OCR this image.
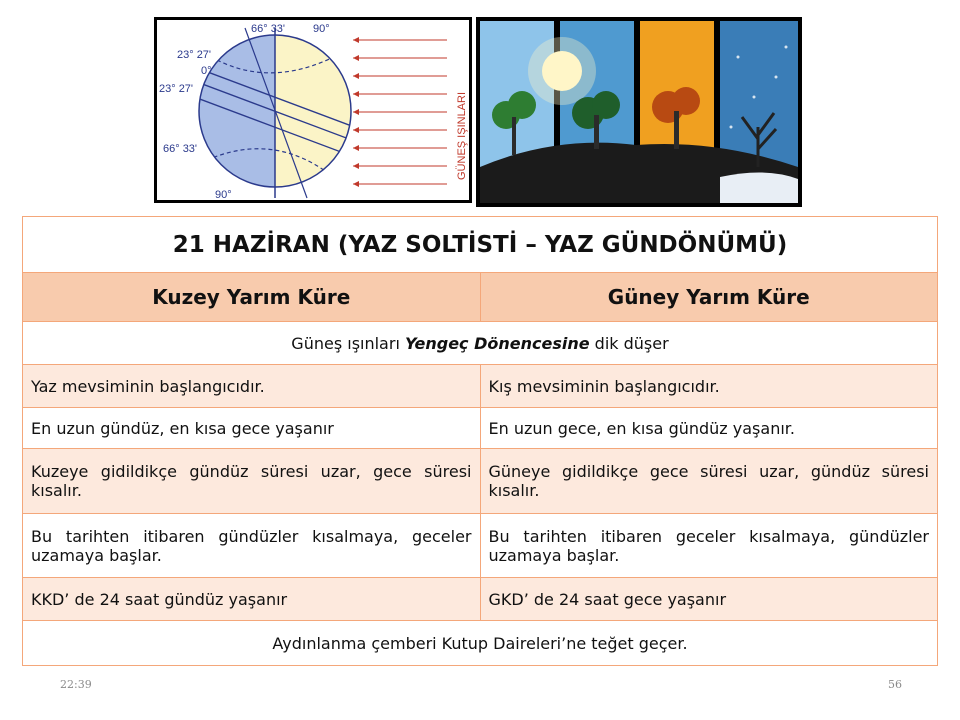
66° 33'	90°
23° 27'
0°
23° 27'
66° 33'
90°
GÜNEŞ IŞINLARI
21 HAZİRAN (YAZ SOLTİSTİ – YAZ GÜNDÖNÜMÜ)	
Kuzey Yarım Küre	Güney Yarım Küre
Güneş ışınları Yengeç Dönencesine dik düşer	
Yaz mevsiminin başlangıcıdır.	Kış mevsiminin başlangıcıdır.
En uzun gündüz, en kısa gece yaşanır	En uzun gece, en kısa gündüz yaşanır.
Kuzeye gidildikçe gündüz süresi uzar, gece süresi kısalır.	Güneye gidildikçe gece süresi uzar, gündüz süresi kısalır.
Bu tarihten itibaren gündüzler kısalmaya, geceler uzamaya başlar.	Bu tarihten itibaren geceler kısalmaya, gündüzler uzamaya başlar.
KKD’ de 24 saat gündüz yaşanır	GKD’ de 24 saat gece yaşanır
Aydınlanma çemberi Kutup Daireleri’ne teğet geçer.	
22:39	56
